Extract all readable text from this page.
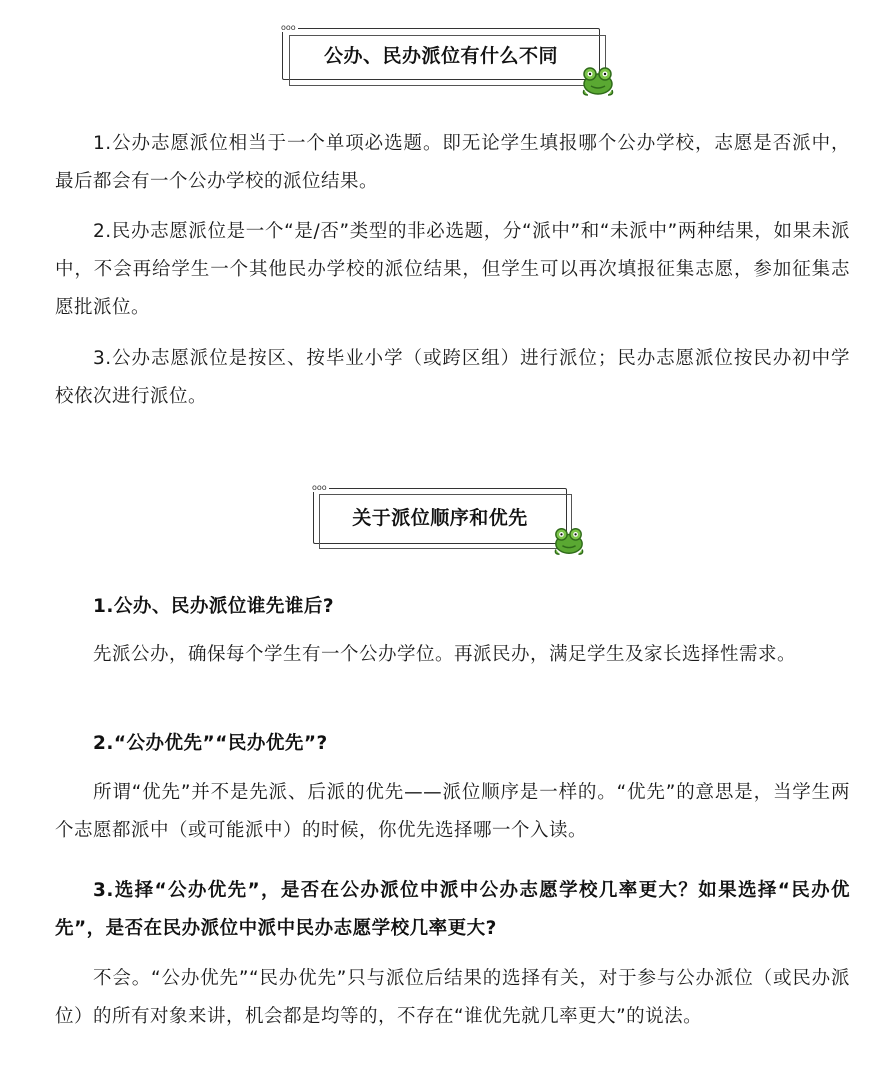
ooo
公办、民办派位有什么不同

1.公办志愿派位相当于一个单项必选题。即无论学生填报哪个公办学校，志愿是否派中，最后都会有一个公办学校的派位结果。

2.民办志愿派位是一个“是/否”类型的非必选题，分“派中”和“未派中”两种结果，如果未派中，不会再给学生一个其他民办学校的派位结果，但学生可以再次填报征集志愿，参加征集志愿批派位。

3.公办志愿派位是按区、按毕业小学（或跨区组）进行派位；民办志愿派位按民办初中学校依次进行派位。

ooo
关于派位顺序和优先

1.公办、民办派位谁先谁后?

先派公办，确保每个学生有一个公办学位。再派民办，满足学生及家长选择性需求。

2.“公办优先”“民办优先”?

所谓“优先”并不是先派、后派的优先——派位顺序是一样的。“优先”的意思是，当学生两个志愿都派中（或可能派中）的时候，你优先选择哪一个入读。

3.选择“公办优先”，是否在公办派位中派中公办志愿学校几率更大？如果选择“民办优先”，是否在民办派位中派中民办志愿学校几率更大?

不会。“公办优先”“民办优先”只与派位后结果的选择有关，对于参与公办派位（或民办派位）的所有对象来讲，机会都是均等的，不存在“谁优先就几率更大”的说法。
